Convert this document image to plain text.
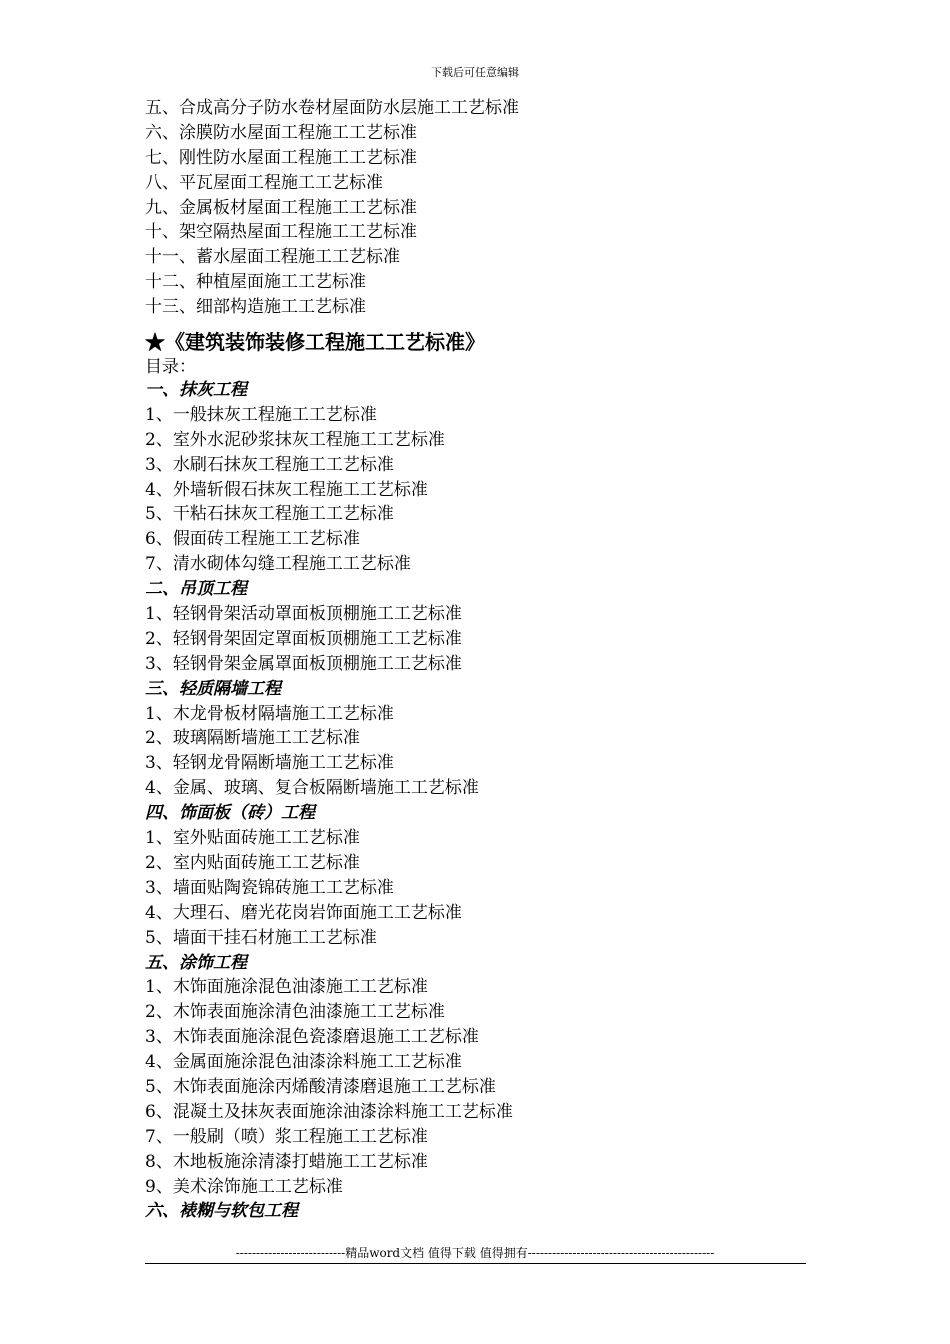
下载后可任意编辑
五、合成高分子防水卷材屋面防水层施工工艺标准
六、涂膜防水屋面工程施工工艺标准
七、刚性防水屋面工程施工工艺标准
八、平瓦屋面工程施工工艺标准
九、金属板材屋面工程施工工艺标准
十、架空隔热屋面工程施工工艺标准
十一、蓄水屋面工程施工工艺标准
十二、种植屋面施工工艺标准
十三、细部构造施工工艺标准
★《建筑装饰装修工程施工工艺标准》
目录：
一、抹灰工程
1、一般抹灰工程施工工艺标准
2、室外水泥砂浆抹灰工程施工工艺标准
3、水刷石抹灰工程施工工艺标准
4、外墙斩假石抹灰工程施工工艺标准
5、干粘石抹灰工程施工工艺标准
6、假面砖工程施工工艺标准
7、清水砌体勾缝工程施工工艺标准
二、吊顶工程
1、轻钢骨架活动罩面板顶棚施工工艺标准
2、轻钢骨架固定罩面板顶棚施工工艺标准
3、轻钢骨架金属罩面板顶棚施工工艺标准
三、轻质隔墙工程
1、木龙骨板材隔墙施工工艺标准
2、玻璃隔断墙施工工艺标准
3、轻钢龙骨隔断墙施工工艺标准
4、金属、玻璃、复合板隔断墙施工工艺标准
四、饰面板（砖）工程
1、室外贴面砖施工工艺标准
2、室内贴面砖施工工艺标准
3、墙面贴陶瓷锦砖施工工艺标准
4、大理石、磨光花岗岩饰面施工工艺标准
5、墙面干挂石材施工工艺标准
五、涂饰工程
1、木饰面施涂混色油漆施工工艺标准
2、木饰表面施涂清色油漆施工工艺标准
3、木饰表面施涂混色瓷漆磨退施工工艺标准
4、金属面施涂混色油漆涂料施工工艺标准
5、木饰表面施涂丙烯酸清漆磨退施工工艺标准
6、混凝土及抹灰表面施涂油漆涂料施工工艺标准
7、一般刷（喷）浆工程施工工艺标准
8、木地板施涂清漆打蜡施工工艺标准
9、美术涂饰施工工艺标准
六、裱糊与软包工程
---------------------------精品word文档 值得下载 值得拥有----------------------------------------------
